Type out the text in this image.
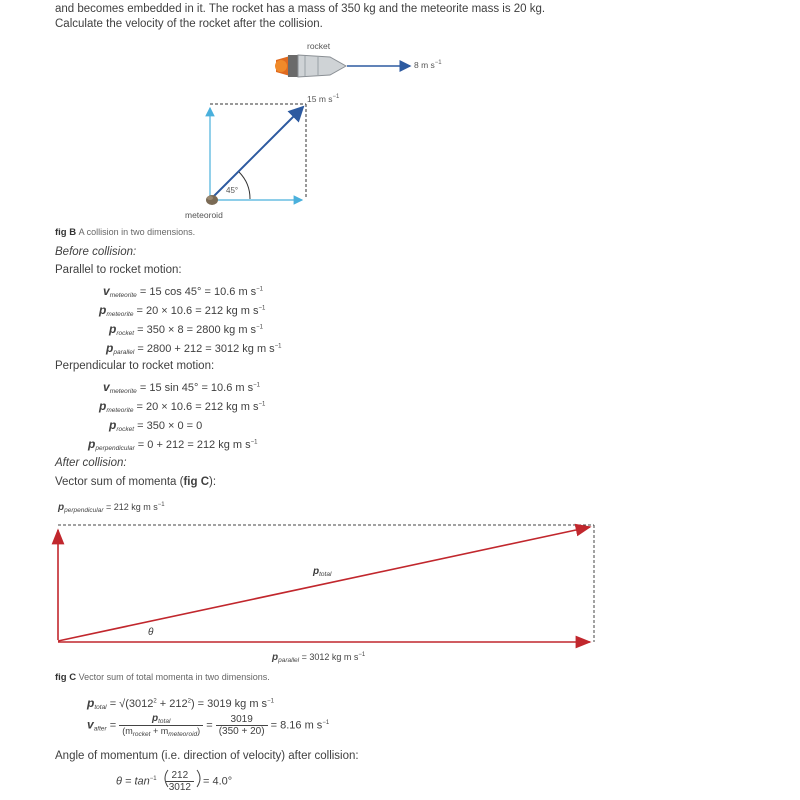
and becomes embedded in it. The rocket has a mass of 350 kg and the meteorite mass is 20 kg.
Calculate the velocity of the rocket after the collision.
rocket
8 m $s^{-1}$
15 m $s^{-1}$
45°
meteoroid
fig B A collision in two dimensions.
Before collision:
Parallel to rocket motion:
$v_{meteorite} = 15$ cos 45° = 10.6 m $s^{-1}$
$p_{meteorite} = 20 \times 10.6 = 212$ kg m $s^{-1}$
$p_{rocket} = 350 \times 8 = 2800$ kg m $s^{-1}$
$p_{parallel} = 2800 + 212 = 3012$ kg m $s^{-1}$
Perpendicular to rocket motion:
$v_{meteorite} = 15$ sin 45° = 10.6 m $s^{-1}$
$p_{meteorite} = 20 \times 10.6 = 212$ kg m $s^{-1}$
$p_{rocket} = 350 \times 0 = 0$
$p_{perpendicular} = 0 + 212 = 212$ kg m $s^{-1}$
After collision:
Vector sum of momenta (fig C):
$p_{perpendicular} = 212$ kg m $s^{-1}$
$p_{total}$
θ
$p_{parallel} = 3012$ kg m $s^{-1}$
fig C Vector sum of total momenta in two dimensions.
$p_{total} = √(3012^2 + 212^2) = 3019$ kg m $s^{-1}$
$v_{after} = \frac{p_{total}}{(m_{rocket} + m_{meteoroid})} = \frac{3019}{(350 + 20)} = 8.16$ m $s^{-1}$
Angle of momentum (i.e. direction of velocity) after collision:
$\theta = \tan^{-1} \frac{212}{3012} = 4.0^\circ$
